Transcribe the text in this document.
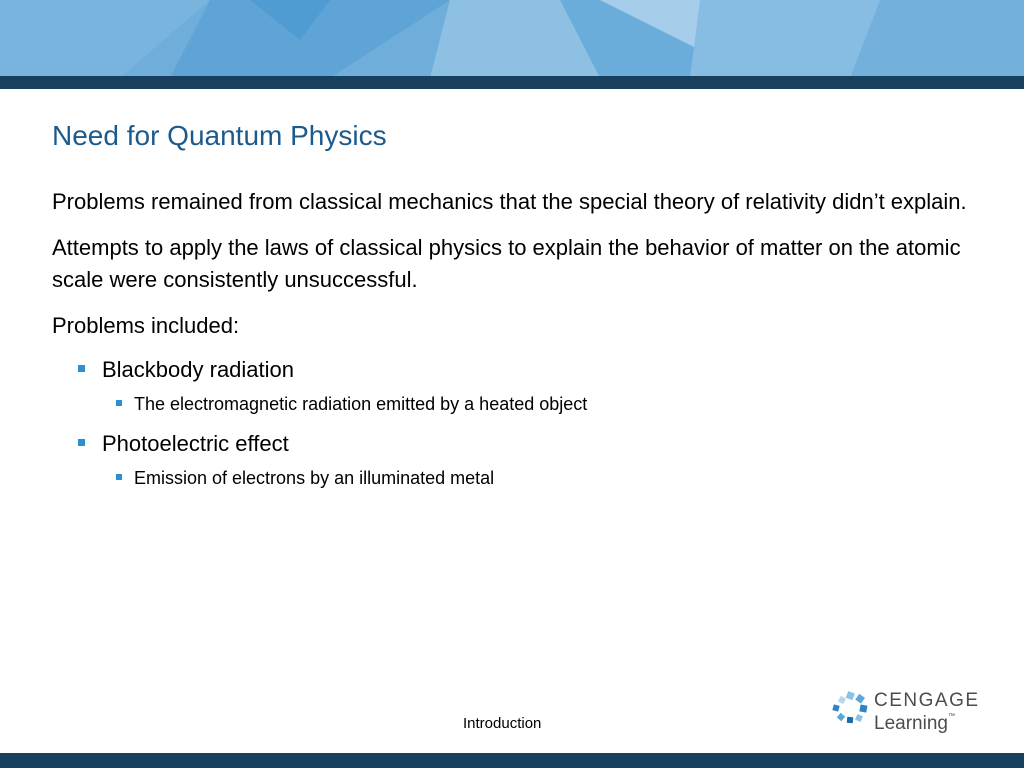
Need for Quantum Physics

Problems remained from classical mechanics that the special theory of relativity didn’t explain.

Attempts to apply the laws of classical physics to explain the behavior of matter on the atomic scale were consistently unsuccessful.

Problems included:

Blackbody radiation
The electromagnetic radiation emitted by a heated object
Photoelectric effect
Emission of electrons by an illuminated metal
Introduction
CENGAGE
Learning™
